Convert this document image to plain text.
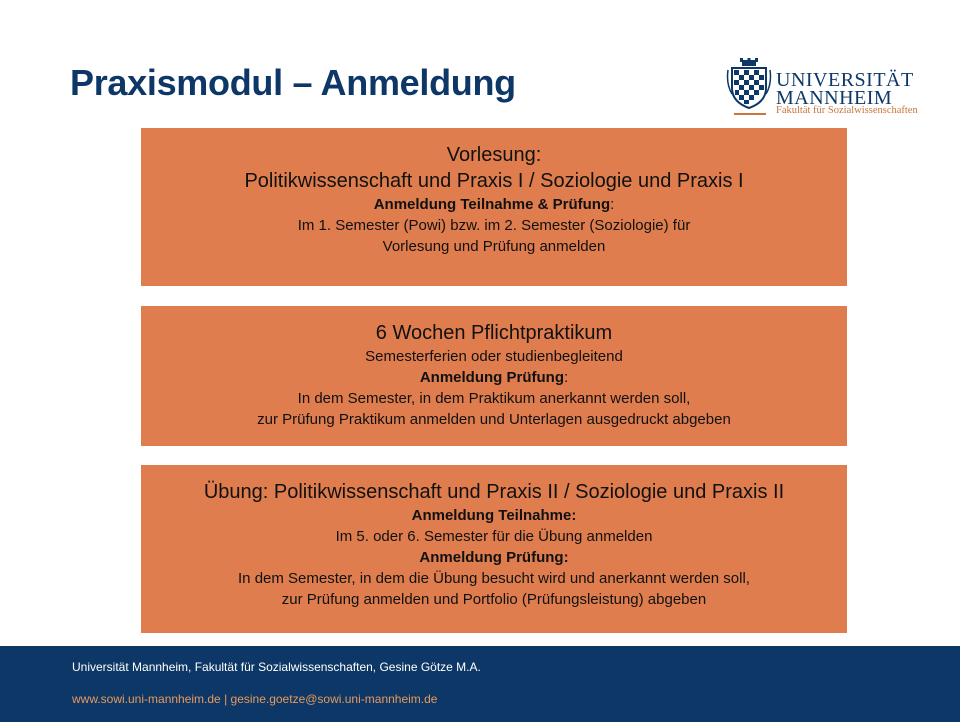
Praxismodul – Anmeldung	UNIVERSITÄT
MANNHEIM
Fakultät für Sozialwissenschaften

Vorlesung:

Politikwissenschaft und Praxis I / Soziologie und Praxis I

Anmeldung Teilnahme & Prüfung:

Im 1. Semester (Powi) bzw. im 2. Semester (Soziologie) für

Vorlesung und Prüfung anmelden

6 Wochen Pflichtpraktikum

Semesterferien oder studienbegleitend

Anmeldung Prüfung:

In dem Semester, in dem Praktikum anerkannt werden soll,

zur Prüfung Praktikum anmelden und Unterlagen ausgedruckt abgeben

Übung: Politikwissenschaft und Praxis II / Soziologie und Praxis II

Anmeldung Teilnahme:

Im 5. oder 6. Semester für die Übung anmelden

Anmeldung Prüfung:

In dem Semester, in dem die Übung besucht wird und anerkannt werden soll,

zur Prüfung anmelden und Portfolio (Prüfungsleistung) abgeben

Universität Mannheim, Fakultät für Sozialwissenschaften, Gesine Götze M.A.
www.sowi.uni-mannheim.de | gesine.goetze@sowi.uni-mannheim.de
